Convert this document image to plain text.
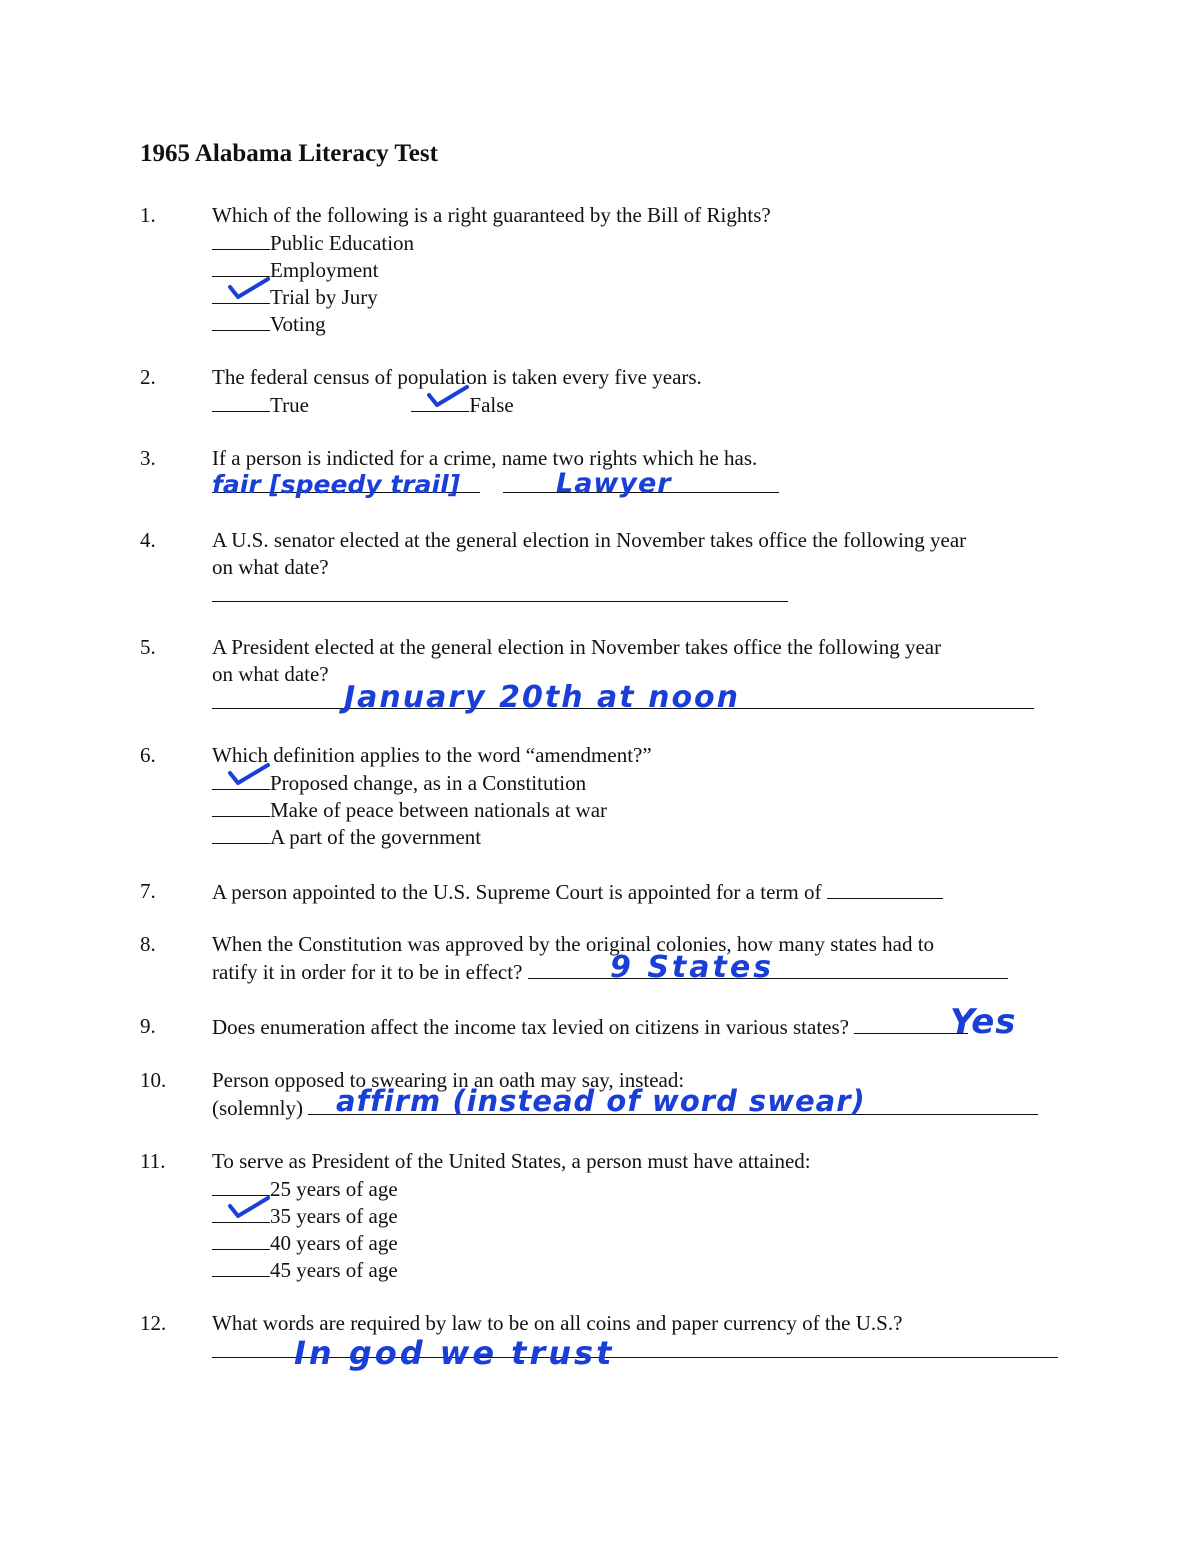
1965 Alabama Literacy Test
1.	Which of the following is a right guaranteed by the Bill of Rights?
Public Education
Employment
Trial by Jury
Voting
2.	The federal census of population is taken every five years.
True	False
3.	If a person is indicted for a crime, name two rights which he has.

fair [speedy trail]	Lawyer
4.	A U.S. senator elected at the general election in November takes office the following year
on what date?
5.	A President elected at the general election in November takes office the following year
on what date?
January 20th at noon
6.	Which definition applies to the word “amendment?”
Proposed change, as in a Constitution
Make of peace between nationals at war
A part of the government
7.	A person appointed to the U.S. Supreme Court is appointed for a term of
8.	When the Constitution was approved by the original colonies, how many states had to
ratify it in order for it to be in effect?	9 States
9.	Does enumeration affect the income tax levied on citizens in various states?	Yes
10. Person opposed to swearing in an oath may say, instead:
(solemnly)	affirm (instead of word swear)
11. To serve as President of the United States, a person must have attained:
25 years of age
35 years of age
40 years of age
45 years of age
12. What words are required by law to be on all coins and paper currency of the U.S.?
In god we trust
